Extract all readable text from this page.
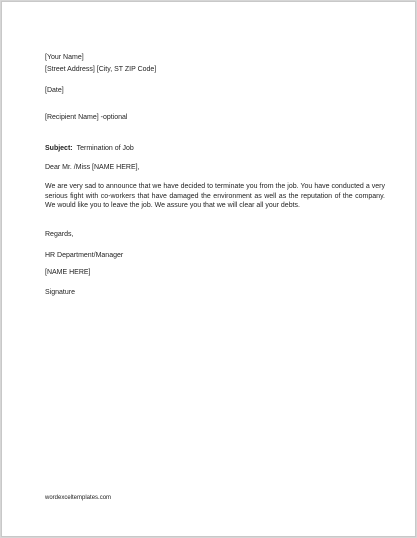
[Your Name]
[Street Address] [City, ST ZIP Code]
[Date]
[Recipient Name] -optional
Subject: Termination of Job
Dear Mr. /Miss [NAME HERE],
We are very sad to announce that we have decided to terminate you from the job. You have conducted a very serious fight with co-workers that have damaged the environment as well as the reputation of the company. We would like you to leave the job. We assure you that we will clear all your debts.
Regards,
HR Department/Manager
[NAME HERE]
Signature
wordexceltemplates.com
